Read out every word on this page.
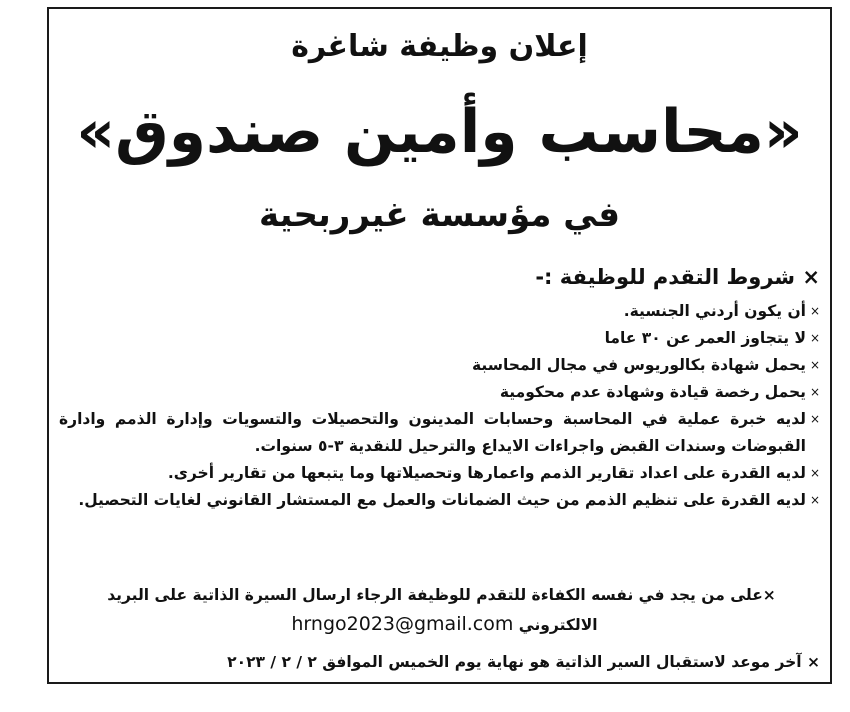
إعلان وظيفة شاغرة
«محاسب وأمين صندوق»
في مؤسسة غيرربحية
× شروط التقدم للوظيفة :-
×
أن يكون أردني الجنسية.
×
لا يتجاوز العمر عن ٣٠ عاما
×
يحمل شهادة بكالوريوس في مجال المحاسبة
×
يحمل رخصة قيادة وشهادة عدم محكومية
×
لديه خبرة عملية في المحاسبة وحسابات المدينون والتحصيلات والتسويات وإدارة الذمم وادارة القبوضات وسندات القبض واجراءات الايداع والترحيل للنقدية ٣-٥ سنوات.
×
لديه القدرة على اعداد تقارير الذمم واعمارها وتحصيلاتها وما يتبعها من تقارير أخرى.
×
لديه القدرة على تنظيم الذمم من حيث الضمانات والعمل مع المستشار القانوني لغايات التحصيل.
×على من يجد في نفسه الكفاءة للتقدم للوظيفة الرجاء ارسال السيرة الذاتية على البريد
الالكتروني hrngo2023@gmail.com
× آخر موعد لاستقبال السير الذاتية هو نهاية يوم الخميس الموافق ٢ / ٢ / ٢٠٢٣
